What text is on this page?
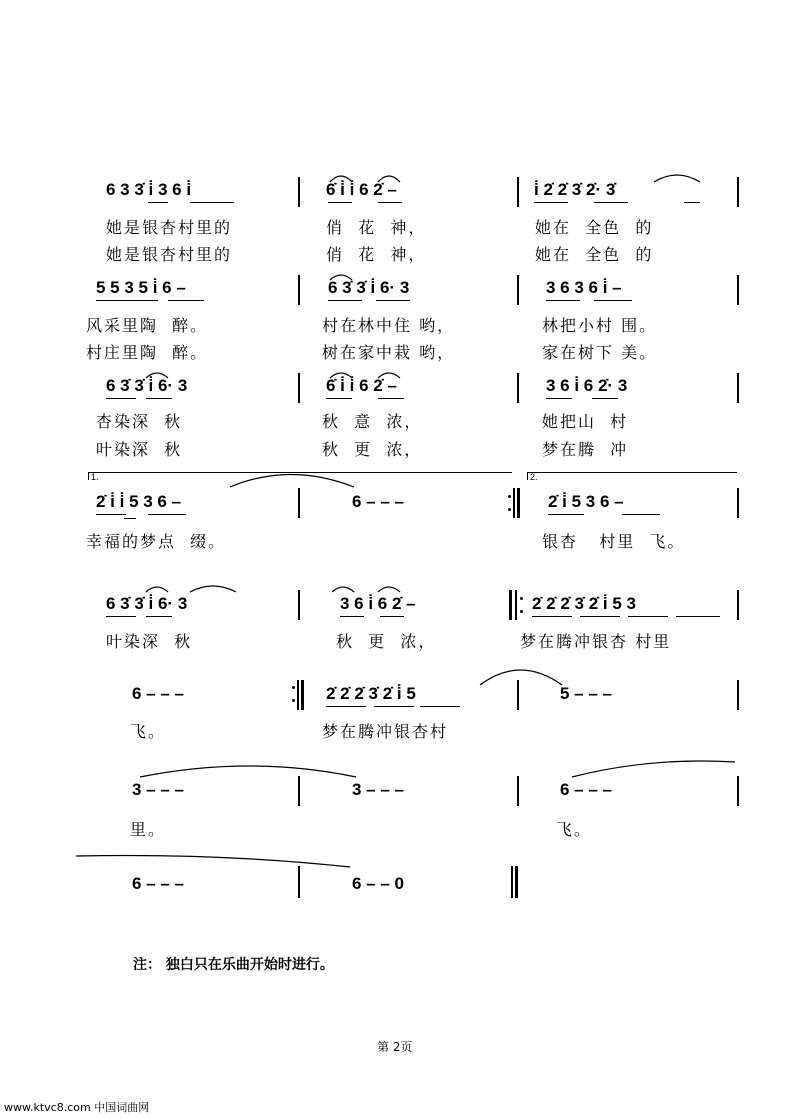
6 3 3̇ i̇ 3 6 i̇	6̇ i̇ i̇ 6 2̇ –	i̇ 2̇ 2̇ 3̇ 2̇· 3̇
她是银杏村里的	俏  花  神，	她在  全色  的
她是银杏村里的	俏  花  神，	她在  全色  的
5 5 3 5 i̇ 6 –	6 3̇ 3̇ i̇ 6· 3	3 6 3 6 i̇ –
风采里陶  醉。	村在林中住 哟，	林把小村 围。
村庄里陶  醉。	树在家中栽 哟，	家在树下 美。
6 3̇ 3̇ i̇ 6· 3	6̇ i̇ i̇ 6 2̇ –	3 6 i̇ 6 2̇· 3
叶染深  秋
杏染深  秋	秋  意  浓，	她把山  村
秋  更  浓，	梦在腾  冲
1.	2.
2̇ i̇ i̇ 5 3 6 –	6 – – –	2̇ i̇ 5 3 6 –
幸福的梦点  缀。	银杏   村里  飞。
6 3̇ 3̇ i̇ 6· 3	3 6 i̇ 6 2̇ –	2̇ 2̇ 2̇ 3̇ 2̇ i̇ 5 3
叶染深  秋	秋  更  浓，	梦在腾冲银杏 村里
6 – – –	2̇ 2̇ 2̇ 3̇ 2̇ i̇ 5	5 – – –
飞。	梦在腾冲银杏村
3 – – –	3 – – –	6 – – –
里。	飞。
6 – – –	6 – – 0
注： 独白只在乐曲开始时进行。
第 2页
www.ktvc8.com 中国词曲网
